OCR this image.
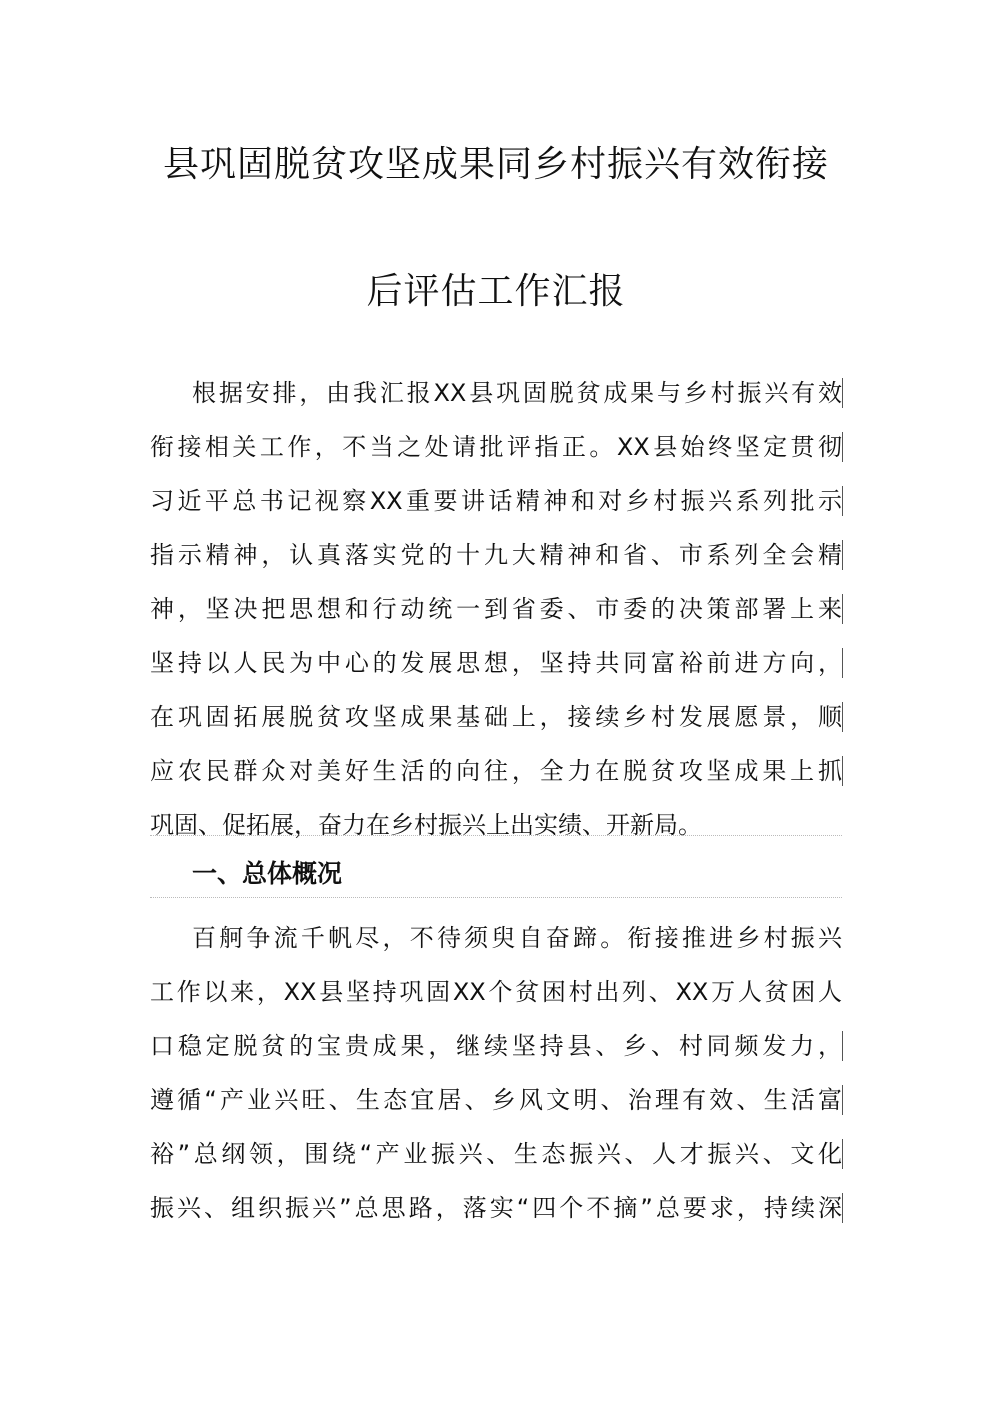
县巩固脱贫攻坚成果同乡村振兴有效衔接
后评估工作汇报
根据安排，由我汇报XX县巩固脱贫成果与乡村振兴有效
衔接相关工作，不当之处请批评指正。XX县始终坚定贯彻
习近平总书记视察XX重要讲话精神和对乡村振兴系列批示
指示精神，认真落实党的十九大精神和省、市系列全会精
神，坚决把思想和行动统一到省委、市委的决策部署上来
坚持以人民为中心的发展思想，坚持共同富裕前进方向，
在巩固拓展脱贫攻坚成果基础上，接续乡村发展愿景，顺
应农民群众对美好生活的向往，全力在脱贫攻坚成果上抓
巩固、促拓展，奋力在乡村振兴上出实绩、开新局。
一、总体概况
百舸争流千帆尽，不待须臾自奋蹄。衔接推进乡村振兴
工作以来，XX县坚持巩固XX个贫困村出列、XX万人贫困人
口稳定脱贫的宝贵成果，继续坚持县、乡、村同频发力，
遵循“产业兴旺、生态宜居、乡风文明、治理有效、生活富
裕”总纲领，围绕“产业振兴、生态振兴、人才振兴、文化
振兴、组织振兴”总思路，落实“四个不摘”总要求，持续深
